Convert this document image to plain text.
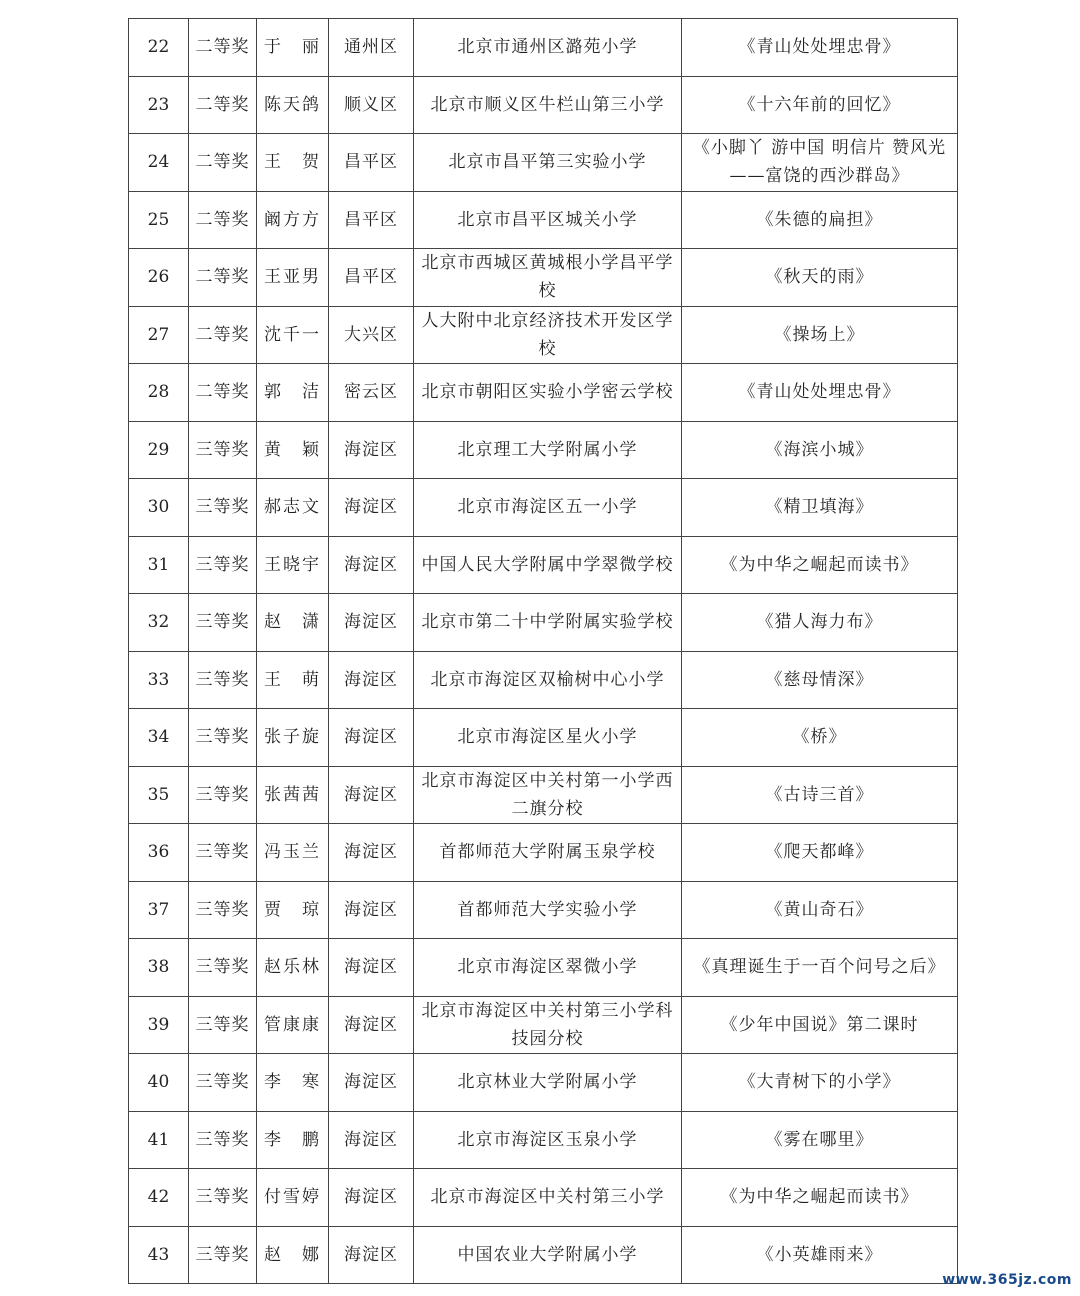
22	二等奖	于　丽	通州区	北京市通州区潞苑小学	《青山处处埋忠骨》
23	二等奖	陈天鸽	顺义区	北京市顺义区牛栏山第三小学	《十六年前的回忆》
24	二等奖	王　贺	昌平区	北京市昌平第三实验小学	《小脚丫 游中国 明信片 赞风光——富饶的西沙群岛》
25	二等奖	阚方方	昌平区	北京市昌平区城关小学	《朱德的扁担》
26	二等奖	王亚男	昌平区	北京市西城区黄城根小学昌平学校	《秋天的雨》
27	二等奖	沈千一	大兴区	人大附中北京经济技术开发区学校	《操场上》
28	二等奖	郭　洁	密云区	北京市朝阳区实验小学密云学校	《青山处处埋忠骨》
29	三等奖	黄　颖	海淀区	北京理工大学附属小学	《海滨小城》
30	三等奖	郝志文	海淀区	北京市海淀区五一小学	《精卫填海》
31	三等奖	王晓宇	海淀区	中国人民大学附属中学翠微学校	《为中华之崛起而读书》
32	三等奖	赵　潇	海淀区	北京市第二十中学附属实验学校	《猎人海力布》
33	三等奖	王　萌	海淀区	北京市海淀区双榆树中心小学	《慈母情深》
34	三等奖	张子旋	海淀区	北京市海淀区星火小学	《桥》
35	三等奖	张茜茜	海淀区	北京市海淀区中关村第一小学西二旗分校	《古诗三首》
36	三等奖	冯玉兰	海淀区	首都师范大学附属玉泉学校	《爬天都峰》
37	三等奖	贾　琼	海淀区	首都师范大学实验小学	《黄山奇石》
38	三等奖	赵乐林	海淀区	北京市海淀区翠微小学	《真理诞生于一百个问号之后》
39	三等奖	管康康	海淀区	北京市海淀区中关村第三小学科技园分校	《少年中国说》第二课时
40	三等奖	李　寒	海淀区	北京林业大学附属小学	《大青树下的小学》
41	三等奖	李　鹏	海淀区	北京市海淀区玉泉小学	《雾在哪里》
42	三等奖	付雪婷	海淀区	北京市海淀区中关村第三小学	《为中华之崛起而读书》
43	三等奖	赵　娜	海淀区	中国农业大学附属小学	《小英雄雨来》
www.365jz.com
